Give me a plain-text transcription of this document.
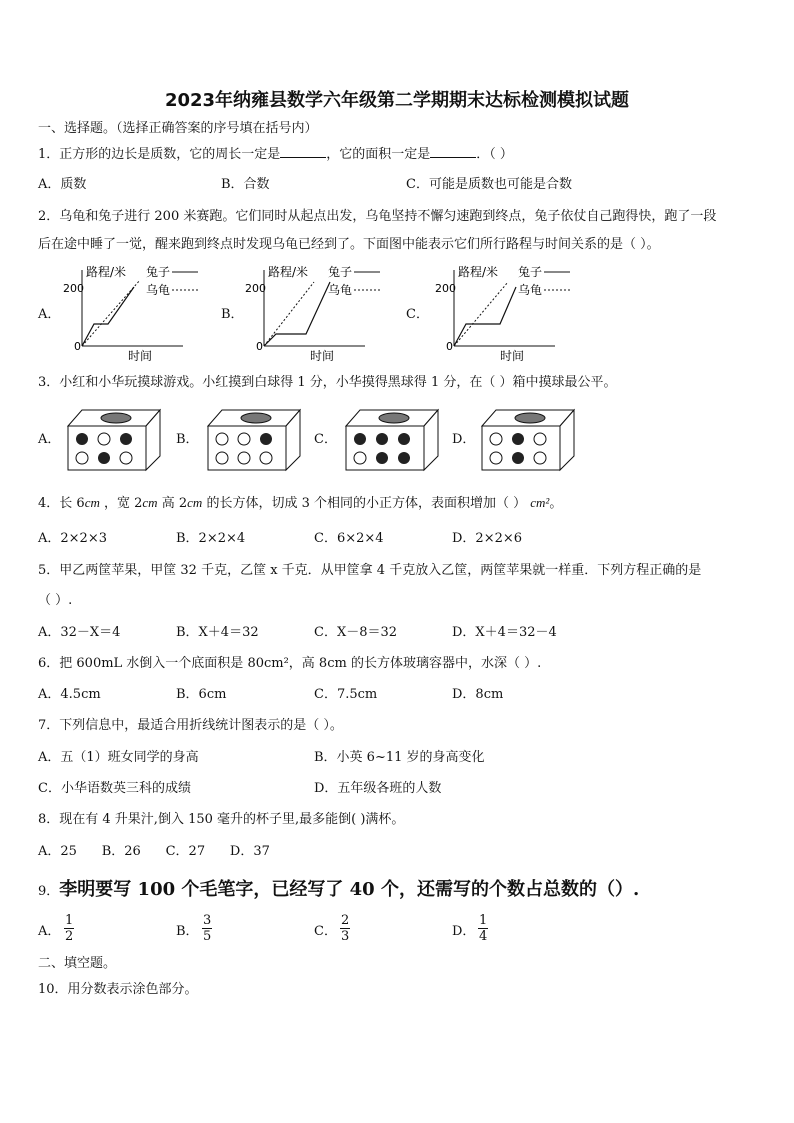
2023年纳雍县数学六年级第二学期期末达标检测模拟试题
一、选择题。（选择正确答案的序号填在括号内）
1．正方形的边长是质数，它的周长一定是	，它的面积一定是	．（ ）
A．质数	B．合数	C．可能是质数也可能是合数
2．乌龟和兔子进行 200 米赛跑。它们同时从起点出发，乌龟坚持不懈匀速跑到终点，兔子依仗自己跑得快，跑了一段
后在途中睡了一觉，醒来跑到终点时发现乌龟已经到了。下面图中能表示它们所行路程与时间关系的是（ ）。
A．	B．	C．
路程/米 兔子
乌龟
200
0
时间
路程/米 兔子
乌龟
200
0
时间
路程/米 兔子
乌龟
200
0
时间
3．小红和小华玩摸球游戏。小红摸到白球得 1 分，小华摸得黑球得 1 分，在（ ）箱中摸球最公平。
A．	B．	C．	D．
4．长 6cm ，宽 2cm 高 2cm 的长方体，切成 3 个相同的小正方体，表面积增加（ ） cm²。
A．2×2×3	B．2×2×4	C．6×2×4	D．2×2×6
5．甲乙两筐苹果，甲筐 32 千克，乙筐 x 千克．从甲筐拿 4 千克放入乙筐，两筐苹果就一样重．下列方程正确的是
（ ）.
A．32－X＝4	B．X＋4＝32	C．X－8＝32	D．X＋4＝32－4
6．把 600mL 水倒入一个底面积是 80cm²，高 8cm 的长方体玻璃容器中，水深（ ）.
A．4.5cm	B．6cm	C．7.5cm	D．8cm
7．下列信息中，最适合用折线统计图表示的是（ ）。
A．五（1）班女同学的身高	B．小英 6~11 岁的身高变化
C．小华语数英三科的成绩	D．五年级各班的人数
8．现在有 4 升果汁,倒入 150 毫升的杯子里,最多能倒( )满杯。
A．25      B．26      C．27      D．37
9．李明要写 100 个毛笔字，已经写了 40 个，还需写的个数占总数的（）.
A． $\frac{1}{2}$	B． $\frac{3}{5}$	C． $\frac{2}{3}$	D． $\frac{1}{4}$
二、填空题。
10．用分数表示涂色部分。
